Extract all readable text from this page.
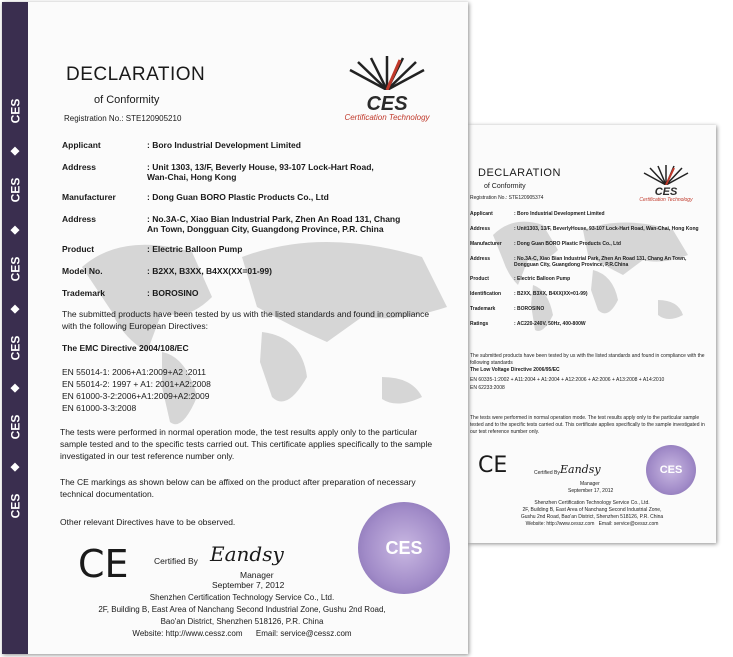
DECLARATION

of Conformity

Registration No.: STE120905374	CES
Certification Technology
Applicant	: Boro Industrial Development Limited
Address	: Unit1303, 13/F, BeverlyHouse, 93-107 Lock-Hart Road, Wan-Chai, Hong Kong
Manufacturer	: Dong Guan BORO Plastic Products Co., Ltd
Address	: No.3A-C, Xiao Bian Industrial Park, Zhen An Road 131, Chang An Town,
Dongguan City, Guangdong Province, P.R.China
Product	: Electric Balloon Pump
Identification	: B2XX, B3XX, B4XX(XX=01-99)
Trademark	: BOROSINO
Ratings	: AC220-240V, 50Hz, 400-800W

The submitted products have been tested by us with the listed standards and found in compliance with the following standards

The Low Voltage Directive 2006/95/EC

EN 60335-1:2002 + A11:2004 + A1:2004 + A12:2006 + A2:2006 + A13:2008 + A14:2010

EN 62233:2008

The tests were performed in normal operation mode. The test results apply only to the particular sample tested and to the specific tests carried out. This certificate applies specifically to the sample investigated in our test reference number only.

CE	Certified By Eandsy
Manager
September 17, 2012
CES
Shenzhen Certification Technology Service Co., Ltd.
2F, Building B, East Area of Nanchang Second Industrial Zone,
Gushu 2nd Road, Bao'an District, Shenzhen 518126, P.R. China
Website: http://www.cessz.com Email: service@cessz.com
CES
◆
CES
◆
CES
◆
CES
◆
CES
◆
CES

DECLARATION

of Conformity

Registration No.: STE120905210

CES
Certification Technology
Applicant	: Boro Industrial Development Limited
Address	: Unit 1303, 13/F, Beverly House, 93-107 Lock-Hart Road,
Wan-Chai, Hong Kong
Manufacturer	: Dong Guan BORO Plastic Products Co., Ltd
Address	: No.3A-C, Xiao Bian Industrial Park, Zhen An Road 131, Chang
An Town, Dongguan City, Guangdong Province, P.R. China
Product	: Electric Balloon Pump
Model No.	: B2XX, B3XX, B4XX(XX=01-99)
Trademark	: BOROSINO

The submitted products have been tested by us with the listed standards and found in compliance with the following European Directives:

The EMC Directive 2004/108/EC

EN 55014-1: 2006+A1:2009+A2 :2011

EN 55014-2: 1997 + A1: 2001+A2:2008

EN 61000-3-2:2006+A1:2009+A2:2009

EN 61000-3-3:2008

The tests were performed in normal operation mode, the test results apply only to the particular sample tested and to the specific tests carried out. This certificate applies specifically to the sample investigated in our test reference number only.

The CE markings as shown below can be affixed on the product after preparation of necessary technical documentation.

Other relevant Directives have to be observed.

CE	Certified By Eandsy
Manager
September 7, 2012
CES
Shenzhen Certification Technology Service Co., Ltd.
2F, Building B, East Area of Nanchang Second Industrial Zone, Gushu 2nd Road,
Bao'an District, Shenzhen 518126, P.R. China
Website: http://www.cessz.com Email: service@cessz.com
